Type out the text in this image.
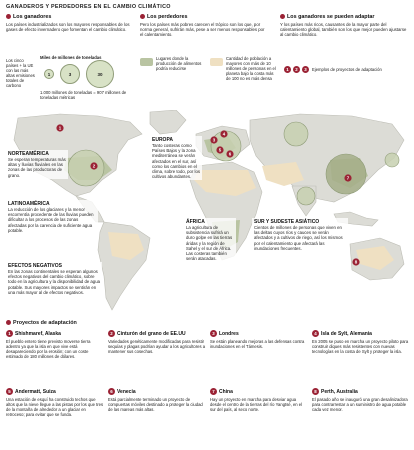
GANADEROS Y PERDEDORES EN EL CAMBIO CLIMÁTICO
Los ganadores
Los países industrializados son los mayores responsables de los gases de efecto invernadero que fomentan el cambio climático.
Los perdedores
Pero los países más pobres carecen el trópico son los que, por norma general, sufrirán más, pese a ser menos responsables por el calentamiento.
Los ganadores se pueden adaptar
Y los países más ricos, causantes de la mayor parte del calentamiento global, también son los que mejor pueden ajustarse al cambio climático.
Los cinco países + la UE con las más altas emisiones totales de carbono
Miles de millones de toneladas
1	3	30
1.000 millones de toneladas = 907 millones de toneladas métricas
Lugares donde la producción de alimentos podría reducirse
Cantidad de población a mayores con más de 10 millones de personas en el planeta bajo la costa más de 100 no es más densa
1	2	3	Ejemplos de proyectos de adaptación
1
2
3
4
5
6
7
8
NORTEAMÉRICA
Se esperan temperaturas más altas y lluvias fluviales en las zonas de las productoras de grano.
LATINOAMÉRICA
La reducción de los glaciares y la menor escorrentía procedente de las lluvias pueden dificultar a los procesos de las zonas afectadas por la carencia de suficiente agua potable.
EUROPA
Tanto costeras como Países Bajos y la zona mediterránea se verán afectados en el sur, así como los cambios en el clima, sobre todo, por los cultivos abundantes.
ÁFRICA
La agricultura de subsistencia sufrirá un duro golpe en las tierras áridas y la región de Sahel y el sur de África. Las costeras también serán atacadas.
SUR Y SUDESTE ASIÁTICO
Cientos de millones de personas que viven en las deltas cuyos ríos y cauces se verán afectados y a cultivos de riego, así los mismos por el calentamiento que afectará las inundaciones frecuentes.
EFECTOS NEGATIVOS
En las zonas continentales se esperan algunos efectos negativos del cambio climático, sobre todo en la agricultura y la disponibilidad de agua potable. Sus mayores impactos se sentirán en una más mayor al de efectos negativos.
Proyectos de adaptación
1 Shishmaref, Alaska
El pueblo entero tiene previsto moverse tierra adentro ya que la isla en que vive está desapareciendo por la erosión; con un coste estimado de 180 millones de dólares.
2 Cinturón del grano de EE.UU
Variedades genéticamente modificadas para resistir sequías y plagas podrían ayudar a los agricultores a mantener sus cosechas.
3 Londres
Se están planeando mejoras a las defensas contra inundaciones en el Támesis.
4 Isla de Sylt, Alemania
En 2005 se puso en marcha un proyecto piloto para construir diques más resistentes con nuevas tecnologías en la costa de Sylt y proteger la isla.
5 Andermatt, Suiza
Una estación de esquí ha construido techos que altos que la nieve llegue a las pistas por los que tres de la montaña de alrededor a un glaciar en retroceso; para evitar que se funda.
6 Venecia
Está parcialmente terminado un proyecto de compuertas móviles destinado a proteger la ciudad de las mareas más altas.
7 China
Hay un proyecto en marcha para desviar agua desde el centro de la tierras del río Yangtsé, en el sur del país, al seco norte.
8 Perth, Australia
El pasado año se inauguró una gran desalinizadora para contrarrestar a un suministro de agua potable cada vez menor.
